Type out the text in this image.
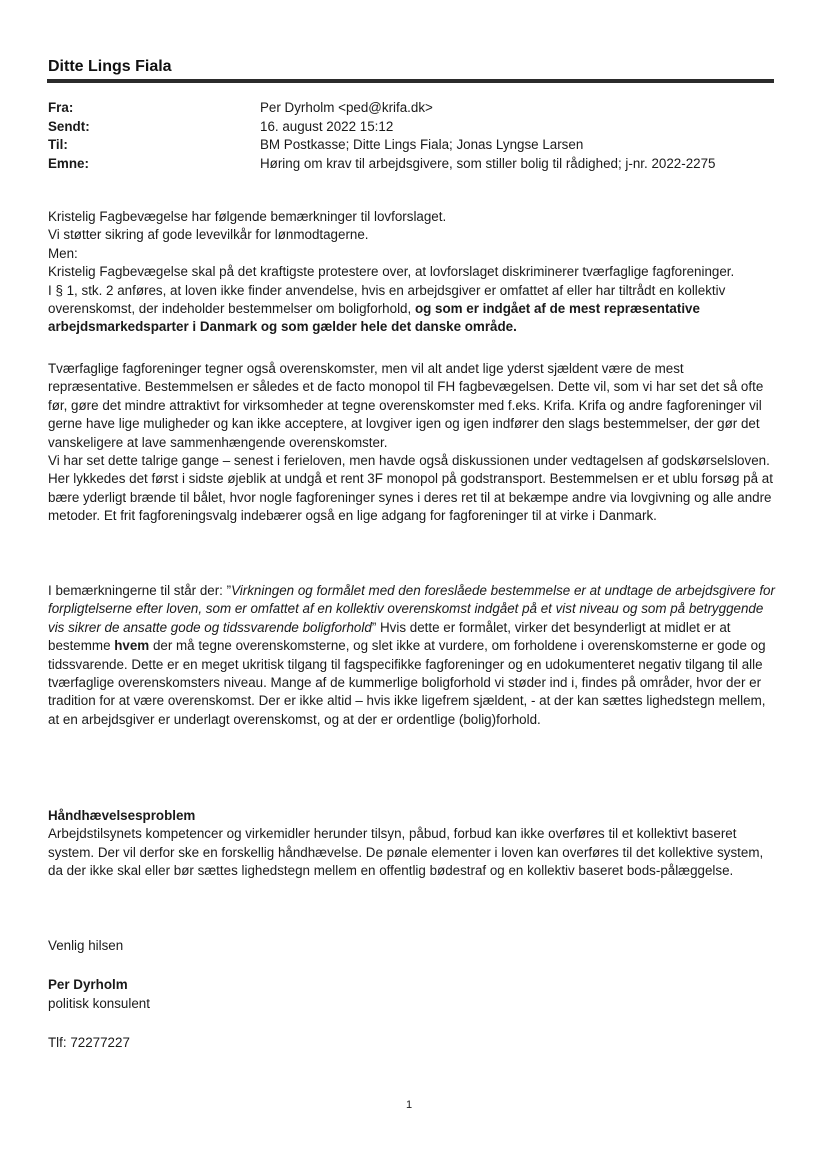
Ditte Lings Fiala
Fra:	Per Dyrholm <ped@krifa.dk>
Sendt:	16. august 2022 15:12
Til:	BM Postkasse; Ditte Lings Fiala; Jonas Lyngse Larsen
Emne:	Høring om krav til arbejdsgivere, som stiller bolig til rådighed; j-nr. 2022-2275

Kristelig Fagbevægelse har følgende bemærkninger til lovforslaget.

Vi støtter sikring af gode levevilkår for lønmodtagerne.

Men:

Kristelig Fagbevægelse skal på det kraftigste protestere over, at lovforslaget diskriminerer tværfaglige fagforeninger.

I § 1, stk. 2 anføres, at loven ikke finder anvendelse, hvis en arbejdsgiver er omfattet af eller har tiltrådt en kollektiv overenskomst, der indeholder bestemmelser om boligforhold, og som er indgået af de mest repræsentative arbejdsmarkedsparter i Danmark og som gælder hele det danske område.

Tværfaglige fagforeninger tegner også overenskomster, men vil alt andet lige yderst sjældent være de mest repræsentative. Bestemmelsen er således et de facto monopol til FH fagbevægelsen. Dette vil, som vi har set det så ofte før, gøre det mindre attraktivt for virksomheder at tegne overenskomster med f.eks. Krifa. Krifa og andre fagforeninger vil gerne have lige muligheder og kan ikke acceptere, at lovgiver igen og igen indfører den slags bestemmelser, der gør det vanskeligere at lave sammenhængende overenskomster.

Vi har set dette talrige gange – senest i ferieloven, men havde også diskussionen under vedtagelsen af godskørselsloven. Her lykkedes det først i sidste øjeblik at undgå et rent 3F monopol på godstransport. Bestemmelsen er et ublu forsøg på at bære yderligt brænde til bålet, hvor nogle fagforeninger synes i deres ret til at bekæmpe andre via lovgivning og alle andre metoder. Et frit fagforeningsvalg indebærer også en lige adgang for fagforeninger til at virke i Danmark.

I bemærkningerne til står der: ”Virkningen og formålet med den foreslåede bestemmelse er at undtage de arbejdsgivere for forpligtelserne efter loven, som er omfattet af en kollektiv overenskomst indgået på et vist niveau og som på betryggende vis sikrer de ansatte gode og tidssvarende boligforhold” Hvis dette er formålet, virker det besynderligt at midlet er at bestemme hvem der må tegne overenskomsterne, og slet ikke at vurdere, om forholdene i overenskomsterne er gode og tidssvarende. Dette er en meget ukritisk tilgang til fagspecifikke fagforeninger og en udokumenteret negativ tilgang til alle tværfaglige overenskomsters niveau. Mange af de kummerlige boligforhold vi støder ind i, findes på områder, hvor der er tradition for at være overenskomst. Der er ikke altid – hvis ikke ligefrem sjældent, - at der kan sættes lighedstegn mellem, at en arbejdsgiver er underlagt overenskomst, og at der er ordentlige (bolig)forhold.

Håndhævelsesproblem

Arbejdstilsynets kompetencer og virkemidler herunder tilsyn, påbud, forbud kan ikke overføres til et kollektivt baseret system. Der vil derfor ske en forskellig håndhævelse. De pønale elementer i loven kan overføres til det kollektive system, da der ikke skal eller bør sættes lighedstegn mellem en offentlig bødestraf og en kollektiv baseret bods-pålæggelse.

Venlig hilsen
Per Dyrholm
politisk konsulent
Tlf: 72277227
1
